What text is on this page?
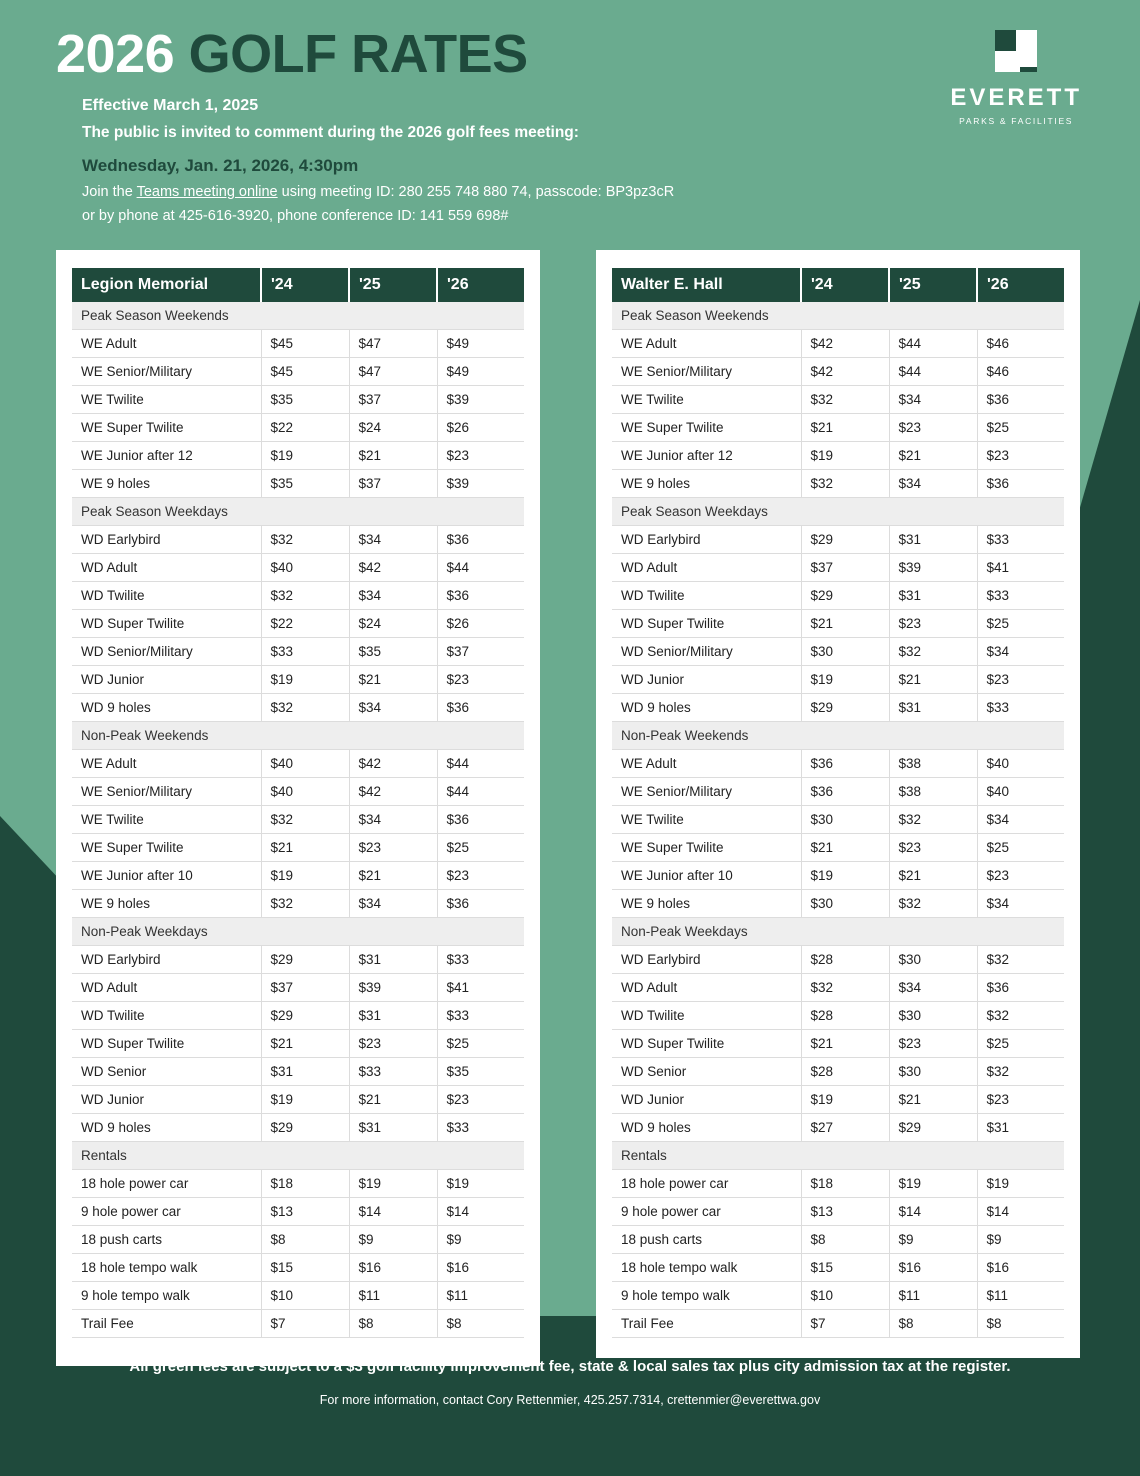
2026 GOLF RATES
Effective March 1, 2025
The public is invited to comment during the 2026 golf fees meeting:
Wednesday, Jan. 21, 2026, 4:30pm
Join the Teams meeting online using meeting ID: 280 255 748 880 74, passcode: BP3pz3cR
or by phone at 425-616-3920, phone conference ID: 141 559 698#
EVERETT
PARKS & FACILITIES
Legion Memorial	'24	'25	'26
Peak Season Weekends			
WE Adult	$45	$47	$49
WE Senior/Military	$45	$47	$49
WE Twilite	$35	$37	$39
WE Super Twilite	$22	$24	$26
WE Junior after 12	$19	$21	$23
WE 9 holes	$35	$37	$39
Peak Season Weekdays			
WD Earlybird	$32	$34	$36
WD Adult	$40	$42	$44
WD Twilite	$32	$34	$36
WD Super Twilite	$22	$24	$26
WD Senior/Military	$33	$35	$37
WD Junior	$19	$21	$23
WD 9 holes	$32	$34	$36
Non-Peak Weekends			
WE Adult	$40	$42	$44
WE Senior/Military	$40	$42	$44
WE Twilite	$32	$34	$36
WE Super Twilite	$21	$23	$25
WE Junior after 10	$19	$21	$23
WE 9 holes	$32	$34	$36
Non-Peak Weekdays			
WD Earlybird	$29	$31	$33
WD Adult	$37	$39	$41
WD Twilite	$29	$31	$33
WD Super Twilite	$21	$23	$25
WD Senior	$31	$33	$35
WD Junior	$19	$21	$23
WD 9 holes	$29	$31	$33
Rentals			
18 hole power car	$18	$19	$19
9 hole power car	$13	$14	$14
18 push carts	$8	$9	$9
18 hole tempo walk	$15	$16	$16
9 hole tempo walk	$10	$11	$11
Trail Fee	$7	$8	$8
Walter E. Hall	'24	'25	'26
Peak Season Weekends			
WE Adult	$42	$44	$46
WE Senior/Military	$42	$44	$46
WE Twilite	$32	$34	$36
WE Super Twilite	$21	$23	$25
WE Junior after 12	$19	$21	$23
WE 9 holes	$32	$34	$36
Peak Season Weekdays			
WD Earlybird	$29	$31	$33
WD Adult	$37	$39	$41
WD Twilite	$29	$31	$33
WD Super Twilite	$21	$23	$25
WD Senior/Military	$30	$32	$34
WD Junior	$19	$21	$23
WD 9 holes	$29	$31	$33
Non-Peak Weekends			
WE Adult	$36	$38	$40
WE Senior/Military	$36	$38	$40
WE Twilite	$30	$32	$34
WE Super Twilite	$21	$23	$25
WE Junior after 10	$19	$21	$23
WE 9 holes	$30	$32	$34
Non-Peak Weekdays			
WD Earlybird	$28	$30	$32
WD Adult	$32	$34	$36
WD Twilite	$28	$30	$32
WD Super Twilite	$21	$23	$25
WD Senior	$28	$30	$32
WD Junior	$19	$21	$23
WD 9 holes	$27	$29	$31
Rentals			
18 hole power car	$18	$19	$19
9 hole power car	$13	$14	$14
18 push carts	$8	$9	$9
18 hole tempo walk	$15	$16	$16
9 hole tempo walk	$10	$11	$11
Trail Fee	$7	$8	$8
All green fees are subject to a $3 golf facility improvement fee, state & local sales tax plus city admission tax at the register.
For more information, contact Cory Rettenmier, 425.257.7314, crettenmier@everettwa.gov
